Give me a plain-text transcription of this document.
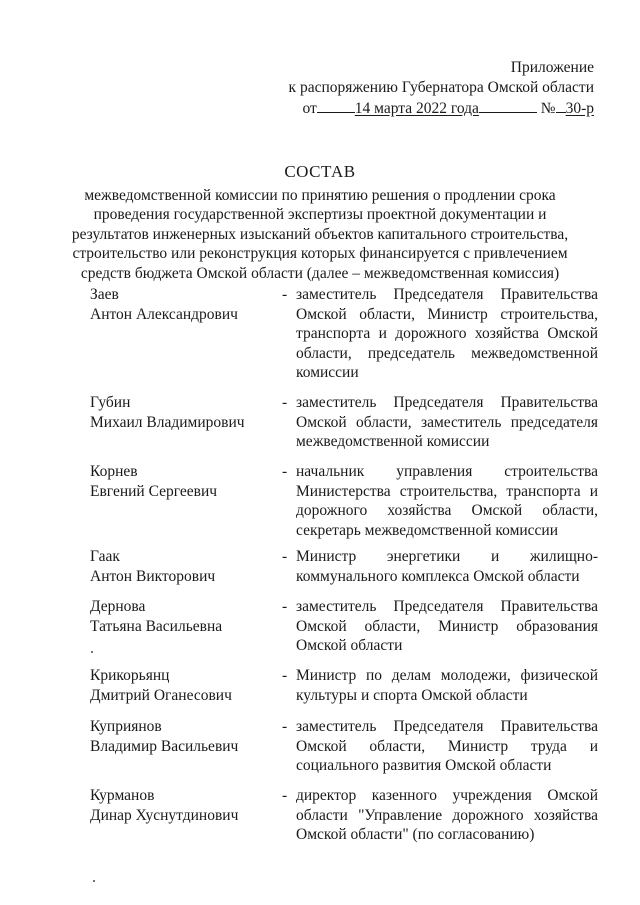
Приложение
к распоряжению Губернатора Омской области
от 14 марта 2022 года	№ 30-р
СОСТАВ
межведомственной комиссии по принятию решения о продлении срока проведения государственной экспертизы проектной документации и результатов инженерных изысканий объектов капитального строительства, строительство или реконструкция которых финансируется с привлечением средств бюджета Омской области (далее – межведомственная комиссия)
Заев
Антон Александрович
- заместитель Председателя Правительства Омской области, Министр строительства, транспорта и дорожного хозяйства Омской области, председатель межведомственной комиссии
Губин
Михаил Владимирович
- заместитель Председателя Правительства Омской области, заместитель председателя межведомственной комиссии
Корнев
Евгений Сергеевич
- начальник управления строительства Министерства строительства, транспорта и дорожного хозяйства Омской области, секретарь межведомственной комиссии
Гаак
Антон Викторович
- Министр энергетики и жилищно-коммунального комплекса Омской области
Дернова
Татьяна Васильевна
- заместитель Председателя Правительства Омской области, Министр образования Омской области
Крикорьянц
Дмитрий Оганесович
- Министр по делам молодежи, физической культуры и спорта Омской области
Куприянов
Владимир Васильевич
- заместитель Председателя Правительства Омской области, Министр труда и социального развития Омской области
Курманов
Динар Хуснутдинович
- директор казенного учреждения Омской области "Управление дорожного хозяйства Омской области" (по согласованию)
